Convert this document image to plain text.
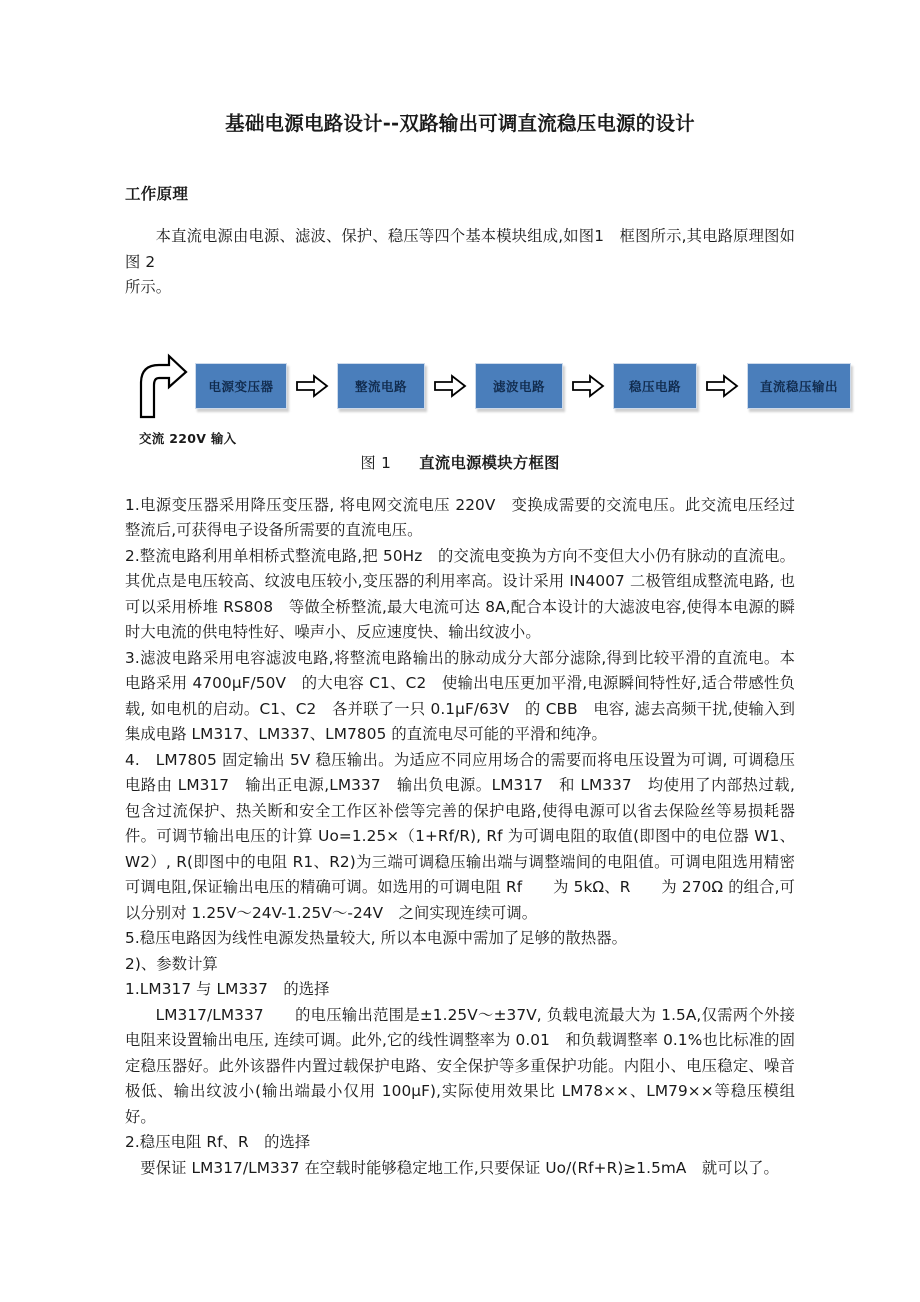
基础电源电路设计--双路输出可调直流稳压电源的设计
工作原理

本直流电源由电源、滤波、保护、稳压等四个基本模块组成,如图1　框图所示,其电路原理图如图 2

所示。

电源变压器	整流电路	滤波电路	稳压电路	直流稳压输出
交流 220V 输入
图 1 直流电源模块方框图

1.电源变压器采用降压变压器, 将电网交流电压 220V　变换成需要的交流电压。此交流电压经过整流后,可获得电子设备所需要的直流电压。

2.整流电路利用单相桥式整流电路,把 50Hz　的交流电变换为方向不变但大小仍有脉动的直流电。其优点是电压较高、纹波电压较小,变压器的利用率高。设计采用 IN4007 二极管组成整流电路, 也可以采用桥堆 RS808　等做全桥整流,最大电流可达 8A,配合本设计的大滤波电容,使得本电源的瞬时大电流的供电特性好、噪声小、反应速度快、输出纹波小。

3.滤波电路采用电容滤波电路,将整流电路输出的脉动成分大部分滤除,得到比较平滑的直流电。本电路采用 4700μF/50V　的大电容 C1、C2　使输出电压更加平滑,电源瞬间特性好,适合带感性负载, 如电机的启动。C1、C2　各并联了一只 0.1μF/63V　的 CBB　电容, 滤去高频干扰,使输入到集成电路 LM317、LM337、LM7805 的直流电尽可能的平滑和纯净。

4.　LM7805 固定输出 5V 稳压输出。为适应不同应用场合的需要而将电压设置为可调, 可调稳压电路由 LM317　输出正电源,LM337　输出负电源。LM317　和 LM337　均使用了内部热过载,包含过流保护、热关断和安全工作区补偿等完善的保护电路,使得电源可以省去保险丝等易损耗器件。可调节输出电压的计算 Uo=1.25×（1+Rf/R), Rf 为可调电阻的取值(即图中的电位器 W1、W2）, R(即图中的电阻 R1、R2)为三端可调稳压输出端与调整端间的电阻值。可调电阻选用精密可调电阻,保证输出电压的精确可调。如选用的可调电阻 Rf　　为 5kΩ、R　　为 270Ω 的组合,可以分别对 1.25V～24V-1.25V～-24V　之间实现连续可调。

5.稳压电路因为线性电源发热量较大, 所以本电源中需加了足够的散热器。

2)、参数计算

1.LM317 与 LM337　的选择

LM317/LM337　　的电压输出范围是±1.25V～±37V, 负载电流最大为 1.5A,仅需两个外接电阻来设置输出电压, 连续可调。此外,它的线性调整率为 0.01　和负载调整率 0.1%也比标准的固定稳压器好。此外该器件内置过载保护电路、安全保护等多重保护功能。内阻小、电压稳定、噪音极低、输出纹波小(输出端最小仅用 100μF),实际使用效果比 LM78××、LM79××等稳压模组好。

2.稳压电阻 Rf、R　的选择

要保证 LM317/LM337 在空载时能够稳定地工作,只要保证 Uo/(Rf+R)≥1.5mA　就可以了。
